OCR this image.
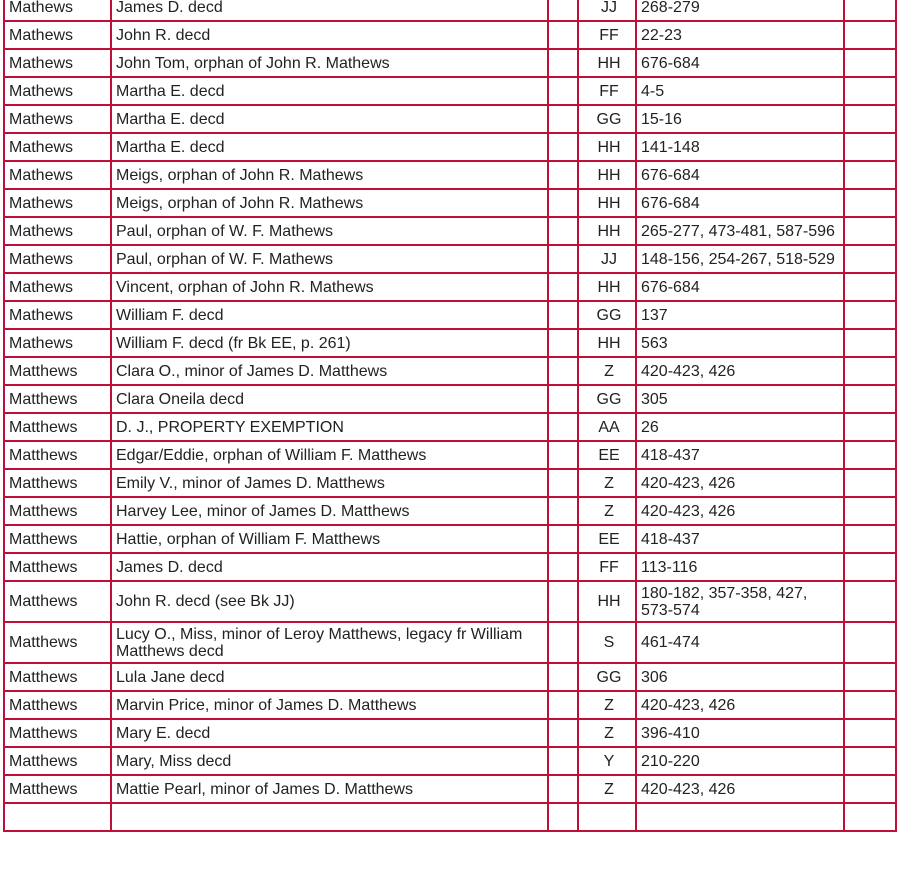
Mathews	James D. decd		JJ	268-279	
Mathews	John R. decd		FF	22-23	
Mathews	John Tom, orphan of John R. Mathews		HH	676-684	
Mathews	Martha E. decd		FF	4-5	
Mathews	Martha E. decd		GG	15-16	
Mathews	Martha E. decd		HH	141-148	
Mathews	Meigs, orphan of John R. Mathews		HH	676-684	
Mathews	Meigs, orphan of John R. Mathews		HH	676-684	
Mathews	Paul, orphan of W. F. Mathews		HH	265-277, 473-481, 587-596	
Mathews	Paul, orphan of W. F. Mathews		JJ	148-156, 254-267, 518-529	
Mathews	Vincent, orphan of John R. Mathews		HH	676-684	
Mathews	William F. decd		GG	137	
Mathews	William F. decd (fr Bk EE, p. 261)		HH	563	
Matthews	Clara O., minor of James D. Matthews		Z	420-423, 426	
Matthews	Clara Oneila decd		GG	305	
Matthews	D. J., PROPERTY EXEMPTION		AA	26	
Matthews	Edgar/Eddie, orphan of William F. Matthews		EE	418-437	
Matthews	Emily V., minor of James D. Matthews		Z	420-423, 426	
Matthews	Harvey Lee, minor of James D. Matthews		Z	420-423, 426	
Matthews	Hattie, orphan of William F. Matthews		EE	418-437	
Matthews	James D. decd		FF	113-116	
Matthews	John R. decd (see Bk JJ)		HH	180-182, 357-358, 427, 573-574	
Matthews	Lucy O., Miss, minor of Leroy Matthews, legacy fr William Matthews decd		S	461-474	
Matthews	Lula Jane decd		GG	306	
Matthews	Marvin Price, minor of James D. Matthews		Z	420-423, 426	
Matthews	Mary E. decd		Z	396-410	
Matthews	Mary, Miss decd		Y	210-220	
Matthews	Mattie Pearl, minor of James D. Matthews		Z	420-423, 426	
